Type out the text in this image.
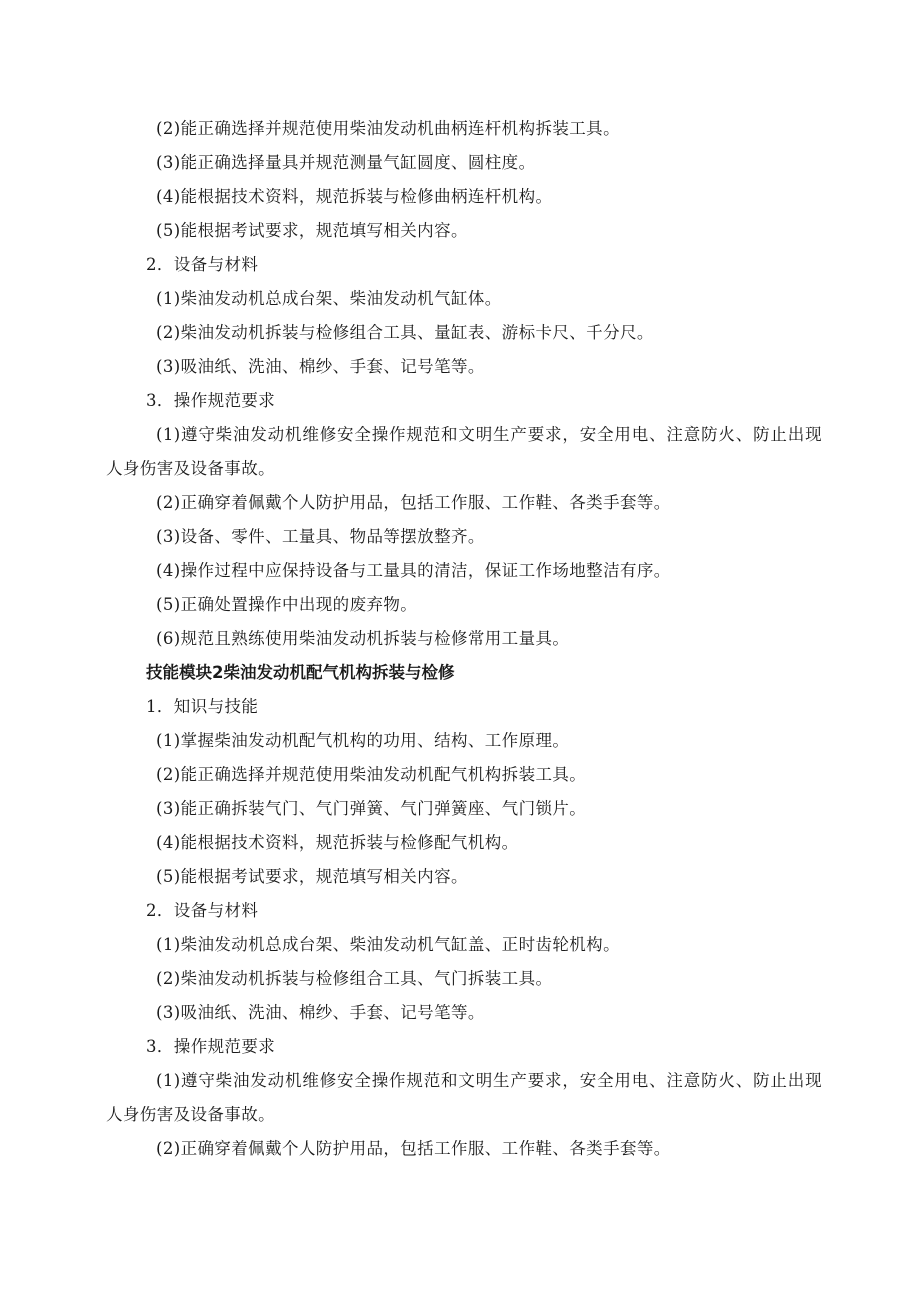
(2)能正确选择并规范使用柴油发动机曲柄连杆机构拆装工具。
(3)能正确选择量具并规范测量气缸圆度、圆柱度。
(4)能根据技术资料，规范拆装与检修曲柄连杆机构。
(5)能根据考试要求，规范填写相关内容。
2．设备与材料
(1)柴油发动机总成台架、柴油发动机气缸体。
(2)柴油发动机拆装与检修组合工具、量缸表、游标卡尺、千分尺。
(3)吸油纸、洗油、棉纱、手套、记号笔等。
3．操作规范要求

(1)遵守柴油发动机维修安全操作规范和文明生产要求，安全用电、注意防火、防止出现人身伤害及设备事故。

(2)正确穿着佩戴个人防护用品，包括工作服、工作鞋、各类手套等。
(3)设备、零件、工量具、物品等摆放整齐。
(4)操作过程中应保持设备与工量具的清洁，保证工作场地整洁有序。
(5)正确处置操作中出现的废弃物。
(6)规范且熟练使用柴油发动机拆装与检修常用工量具。
技能模块2柴油发动机配气机构拆装与检修
1．知识与技能
(1)掌握柴油发动机配气机构的功用、结构、工作原理。
(2)能正确选择并规范使用柴油发动机配气机构拆装工具。
(3)能正确拆装气门、气门弹簧、气门弹簧座、气门锁片。
(4)能根据技术资料，规范拆装与检修配气机构。
(5)能根据考试要求，规范填写相关内容。
2．设备与材料
(1)柴油发动机总成台架、柴油发动机气缸盖、正时齿轮机构。
(2)柴油发动机拆装与检修组合工具、气门拆装工具。
(3)吸油纸、洗油、棉纱、手套、记号笔等。
3．操作规范要求

(1)遵守柴油发动机维修安全操作规范和文明生产要求，安全用电、注意防火、防止出现人身伤害及设备事故。

(2)正确穿着佩戴个人防护用品，包括工作服、工作鞋、各类手套等。
